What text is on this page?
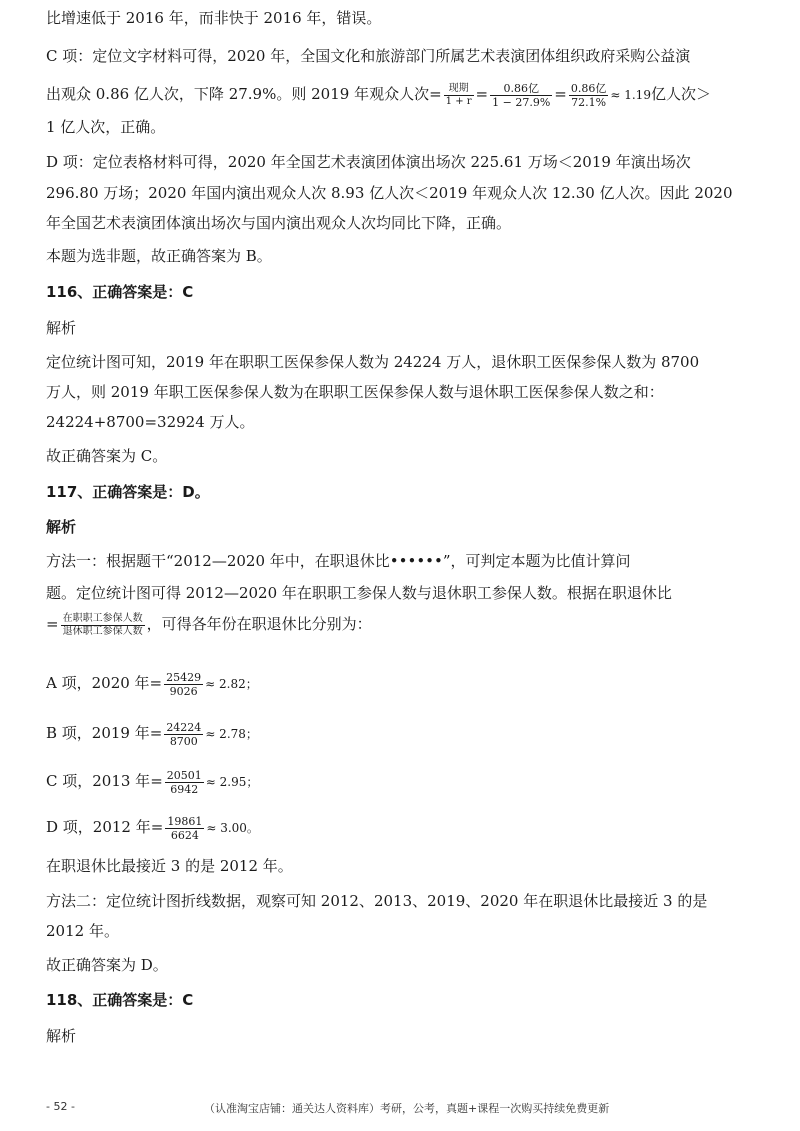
比增速低于 2016 年，而非快于 2016 年，错误。
C 项：定位文字材料可得，2020 年，全国文化和旅游部门所属艺术表演团体组织政府采购公益演
出观众 0.86 亿人次，下降 27.9%。则 2019 年观众人次= $\frac{\text{现期}}{1 + r} = \frac{\text{0.86亿}}{1 - 27.9\%} = \frac{\text{0.86亿}}{72.1\%} \approx 1.19$亿人次＞
1 亿人次，正确。
D 项：定位表格材料可得，2020 年全国艺术表演团体演出场次 225.61 万场＜2019 年演出场次
296.80 万场；2020 年国内演出观众人次 8.93 亿人次＜2019 年观众人次 12.30 亿人次。因此 2020
年全国艺术表演团体演出场次与国内演出观众人次均同比下降，正确。
本题为选非题，故正确答案为 B。
116、正确答案是：C
解析
定位统计图可知，2019 年在职职工医保参保人数为 24224 万人，退休职工医保参保人数为 8700
万人，则 2019 年职工医保参保人数为在职职工医保参保人数与退休职工医保参保人数之和：
24224+8700=32924 万人。
故正确答案为 C。
117、正确答案是：D。
解析
方法一：根据题干“2012—2020 年中，在职退休比••••••”，可判定本题为比值计算问
题。定位统计图可得 2012—2020 年在职职工参保人数与退休职工参保人数。根据在职退休比
= $\frac{\text{在职职工参保人数}}{\text{退休职工参保人数}}$ ，可得各年份在职退休比分别为：
A 项，2020 年= $\frac{25429}{9026} \approx 2.82$；
B 项，2019 年= $\frac{24224}{8700} \approx 2.78$；
C 项，2013 年= $\frac{20501}{6942} \approx 2.95$；
D 项，2012 年= $\frac{19861}{6624} \approx 3.00$。
在职退休比最接近 3 的是 2012 年。
方法二：定位统计图折线数据，观察可知 2012、2013、2019、2020 年在职退休比最接近 3 的是
2012 年。
故正确答案为 D。
118、正确答案是：C
解析
- 52 -	（认准淘宝店铺：通关达人资料库）考研，公考，真题+课程一次购买持续免费更新
